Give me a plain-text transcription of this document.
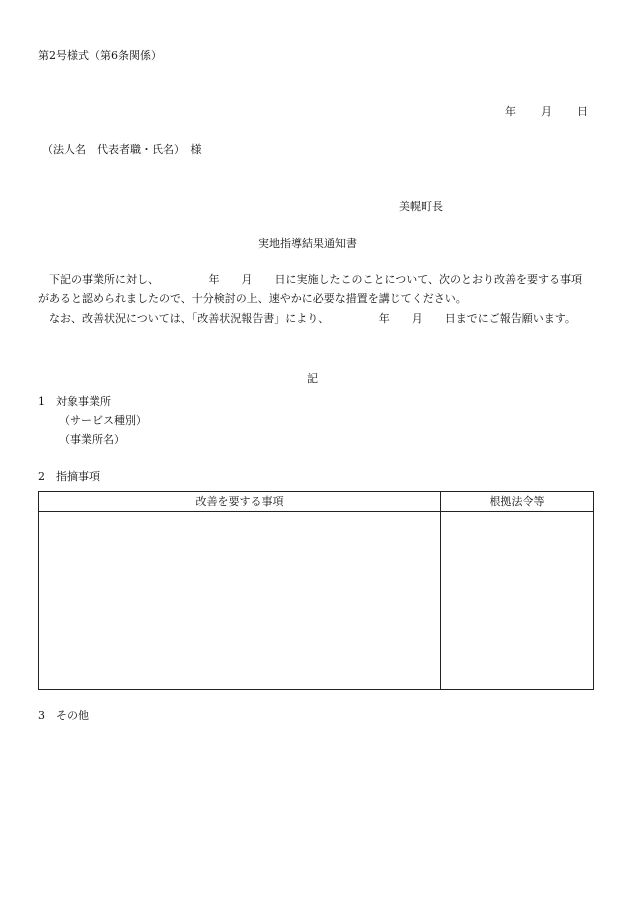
第2号様式（第6条関係）
年 月 日
（法人名　代表者職・氏名）　様
美幌町長
実地指導結果通知書
　下記の事業所に対し、　　　　　年　　月　　日に実施したこのことについて、次のとおり改善を要する事項があると認められましたので、十分検討の上、速やかに必要な措置を講じてください。
　なお、改善状況については、「改善状況報告書」により、　　　　　年　　月　　日までにご報告願います。
記
1　対象事業所
（サービス種別）
（事業所名）
2　指摘事項
改善を要する事項	根拠法令等
3　その他
